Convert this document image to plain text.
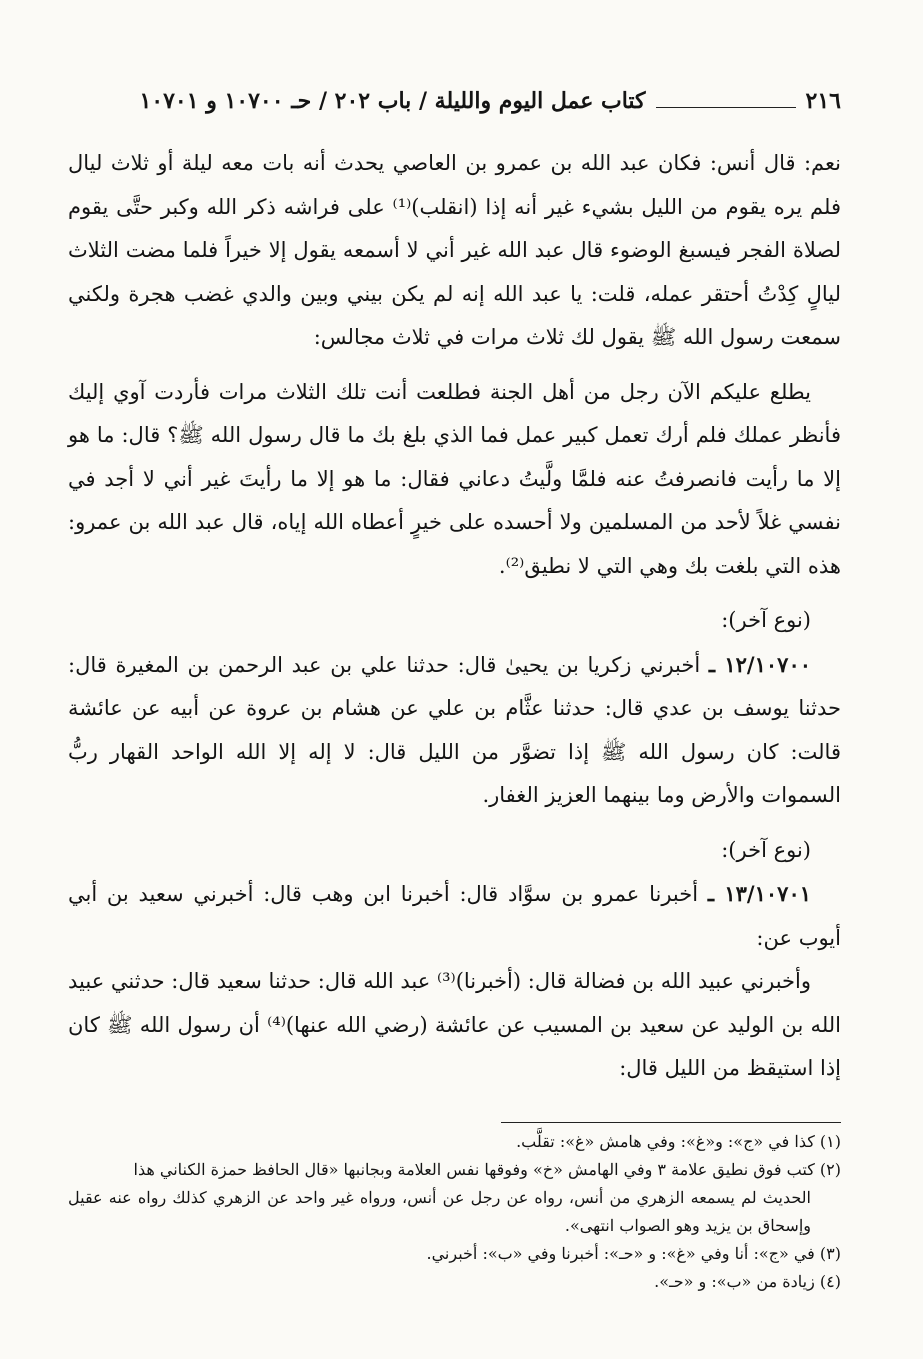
٢١٦
كتاب عمل اليوم والليلة / باب ٢٠٢ / حـ ١٠٧٠٠ و ١٠٧٠١

نعم: قال أنس: فكان عبد الله بن عمرو بن العاصي يحدث أنه بات معه ليلة أو ثلاث ليال فلم يره يقوم من الليل بشيء غير أنه إذا (انقلب)⁽¹⁾ على فراشه ذكر الله وكبر حتَّى يقوم لصلاة الفجر فيسبغ الوضوء قال عبد الله غير أني لا أسمعه يقول إلا خيراً فلما مضت الثلاث ليالٍ كِدْتُ أحتقر عمله، قلت: يا عبد الله إنه لم يكن بيني وبين والدي غضب هجرة ولكني سمعت رسول الله ﷺ يقول لك ثلاث مرات في ثلاث مجالس:

يطلع عليكم الآن رجل من أهل الجنة فطلعت أنت تلك الثلاث مرات فأردت آوي إليك فأنظر عملك فلم أرك تعمل كبير عمل فما الذي بلغ بك ما قال رسول الله ﷺ؟ قال: ما هو إلا ما رأيت فانصرفتُ عنه فلمَّا ولَّيتُ دعاني فقال: ما هو إلا ما رأيتَ غير أني لا أجد في نفسي غلاً لأحد من المسلمين ولا أحسده على خيرٍ أعطاه الله إياه، قال عبد الله بن عمرو: هذه التي بلغت بك وهي التي لا نطيق⁽²⁾.

(نوع آخر):

١٢/١٠٧٠٠ ـ أخبرني زكريا بن يحيىٰ قال: حدثنا علي بن عبد الرحمن بن المغيرة قال: حدثنا يوسف بن عدي قال: حدثنا عثَّام بن علي عن هشام بن عروة عن أبيه عن عائشة قالت: كان رسول الله ﷺ إذا تضوَّر من الليل قال: لا إله إلا الله الواحد القهار ربُّ السموات والأرض وما بينهما العزيز الغفار.

(نوع آخر):

١٣/١٠٧٠١ ـ أخبرنا عمرو بن سوَّاد قال: أخبرنا ابن وهب قال: أخبرني سعيد بن أبي أيوب عن:

وأخبرني عبيد الله بن فضالة قال: (أخبرنا)⁽³⁾ عبد الله قال: حدثنا سعيد قال: حدثني عبيد الله بن الوليد عن سعيد بن المسيب عن عائشة (رضي الله عنها)⁽⁴⁾ أن رسول الله ﷺ كان إذا استيقظ من الليل قال:

(١) كذا في «ج»: و«غ»: وفي هامش «غ»: تقلَّب.

(٢) كتب فوق نطيق علامة ٣ وفي الهامش «خ» وفوقها نفس العلامة وبجانبها «قال الحافظ حمزة الكناني هذا

الحديث لم يسمعه الزهري من أنس، رواه عن رجل عن أنس، ورواه غير واحد عن الزهري كذلك رواه عنه عقيل وإسحاق بن يزيد وهو الصواب انتهى».

(٣) في «ج»: أنا وفي «غ»: و «حـ»: أخبرنا وفي «ب»: أخبرني.

(٤) زيادة من «ب»: و «حـ».
